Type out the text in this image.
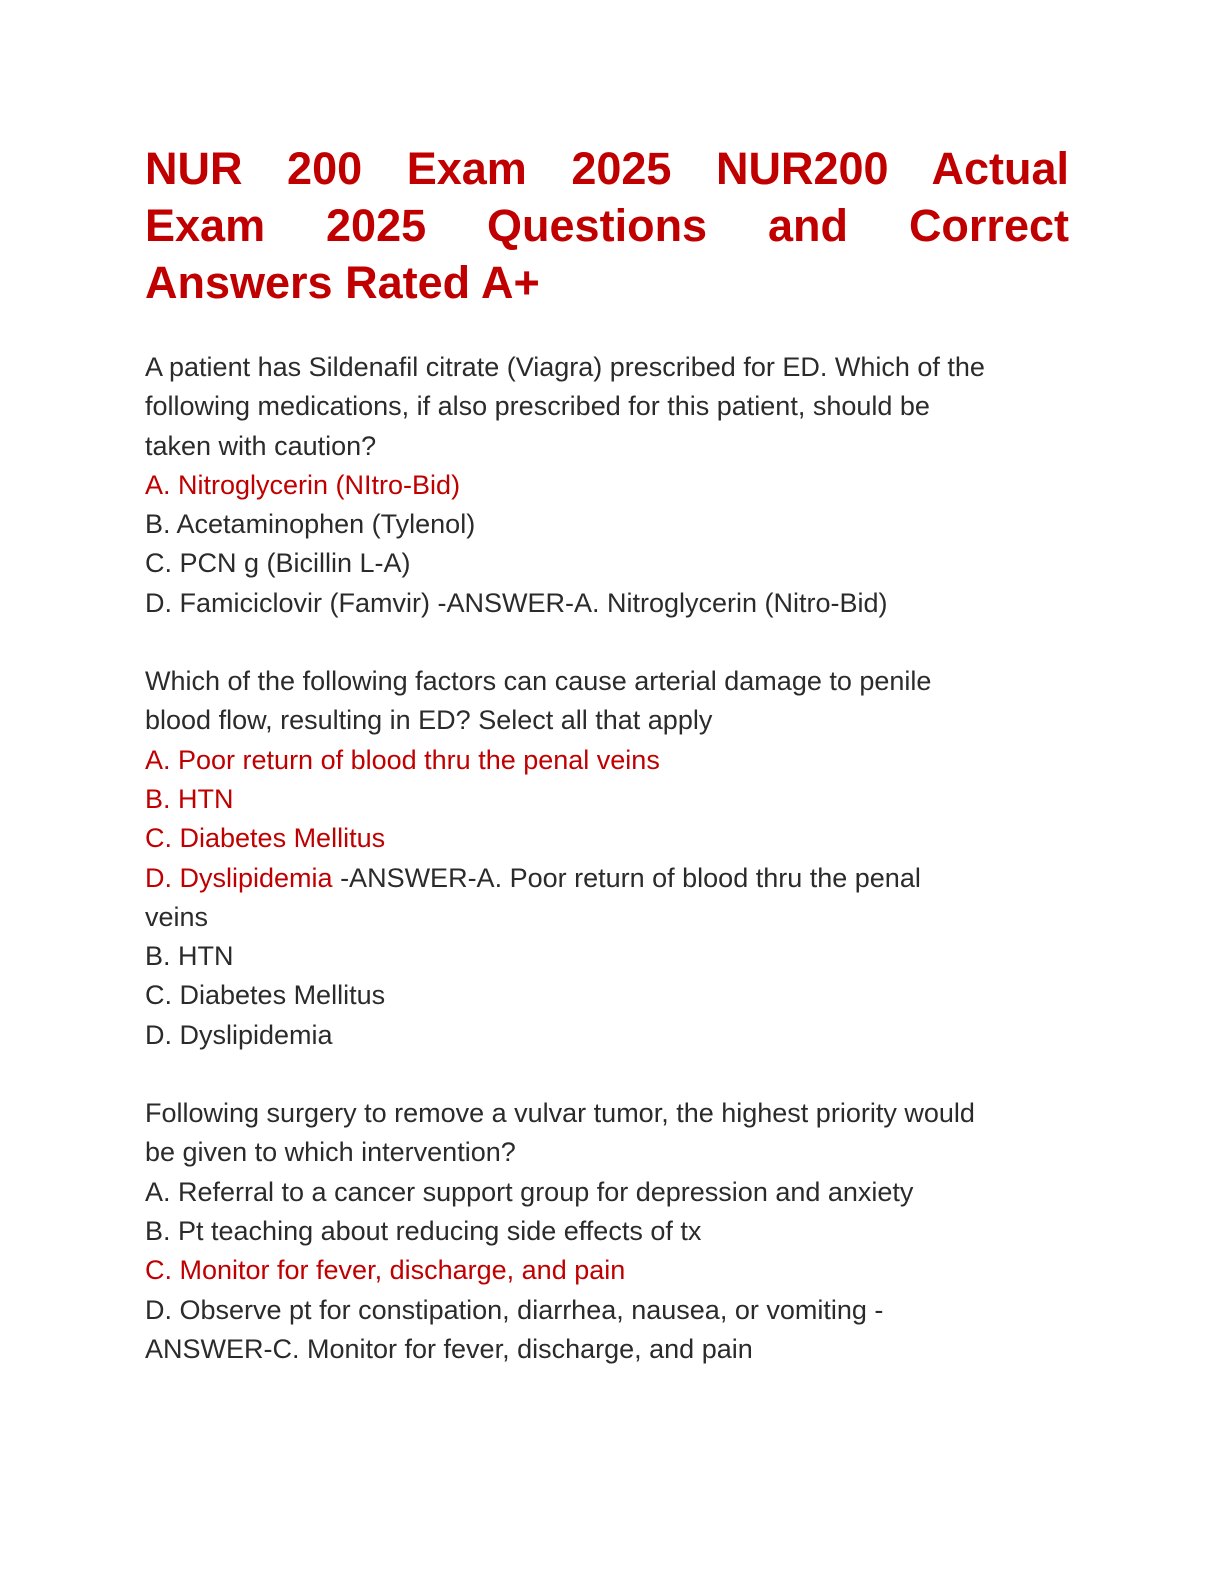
NUR 200 Exam 2025 NUR200 Actual
Exam 2025 Questions and Correct
Answers Rated A+
A patient has Sildenafil citrate (Viagra) prescribed for ED. Which of the
following medications, if also prescribed for this patient, should be
taken with caution?
A. Nitroglycerin (NItro-Bid)
B. Acetaminophen (Tylenol)
C. PCN g (Bicillin L-A)
D. Famiciclovir (Famvir) -ANSWER-A. Nitroglycerin (Nitro-Bid)
Which of the following factors can cause arterial damage to penile
blood flow, resulting in ED? Select all that apply
A. Poor return of blood thru the penal veins
B. HTN
C. Diabetes Mellitus
D. Dyslipidemia -ANSWER-A. Poor return of blood thru the penal
veins
B. HTN
C. Diabetes Mellitus
D. Dyslipidemia
Following surgery to remove a vulvar tumor, the highest priority would
be given to which intervention?
A. Referral to a cancer support group for depression and anxiety
B. Pt teaching about reducing side effects of tx
C. Monitor for fever, discharge, and pain
D. Observe pt for constipation, diarrhea, nausea, or vomiting -
ANSWER-C. Monitor for fever, discharge, and pain
